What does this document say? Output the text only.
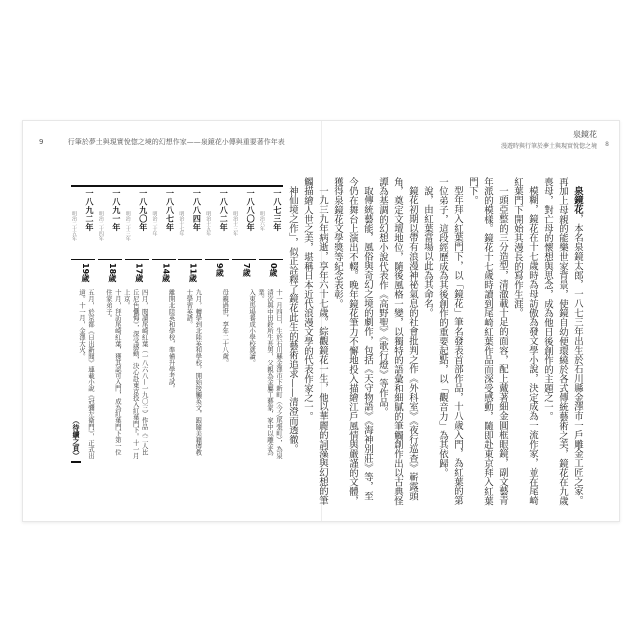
9	行筆於夢土與現實悅惚之境的幻想作家——泉鏡花小傳與重要著作年表
泉鏡花
漫遊時與行筆於夢土與現實悅惚之境 8
一八七三年
明治六年
0歲
十一月四日，生於石川縣金澤市下新町（今之尾張町），為泉清次與中田鈴所生長男，父親為金屬工藝家，家中以雕金為業。
一八八〇年
明治十三年
7歲
入東馬場養成小學校就讀。
一八八二年
明治十五年
9歲
母親過世，享年二十八歲。
一八八四年
明治十七年
11歲
九月，轉學到北陸英和學校，開始接觸英文，跟隨美籍傳教士學習英語。
一八八七年
明治二十年
14歲
離開北陸英和學校，準備升學考試。
一八九〇年
明治二十三年
17歲
四月，閱讀尾崎紅葉（一八六八—一九〇三）作品《二人比丘尼色懺悔》，深受感動，決心赴東京投入紅葉門下。十一月上京。
一八九一年
明治二十四年
18歲
十月，拜訪尾崎紅葉，獲其認可入門，成為紅葉門下第一位住家弟子。
一八九二年
明治二十五年
19歲
五月，於京都《日出新聞》連載小說《冠彌左衛門》，正式出道。十一月，金澤大火。
（待續之頁）

泉鏡花，本名泉鏡太郎，一八七三年出生於石川縣金澤市一戶雕金工匠之家。再加上母親的能樂世家背景，使鏡自幼便環繞於各式傳統藝術之美，鏡花在九歲喪母，對亡母的懷想與思念，成為他日後創作的主題之一。

模糊，鏡花在十七歲時為母訪傲為發文學小說，決定成為一流作家，並在尾崎紅葉門下開始其漫長的寫作生涯。

一頭亞整的三分造型，清澈載十足的面容，配上戴著細金圓框眼鏡，副文藝青年派的模樣。鏡花十七歲時讀到尾崎紅葉作品而深受感動，隨即赴東京拜入紅葉門下。

型年拜入紅葉門下，以「鏡花」筆名發表首部作品，十八歲入門，為紅葉的第一位弟子，這段經歷成為其後創作的重要起點，以「觀音力」為其依歸。

說，由紅葉當場以此為其命名。

鏡花初期以帶有浪漫神祕氣息的社會批判之作《外科室》《夜行巡查》嶄露頭角，奠定文壇地位，隨後風格一變，以獨特的語彙和細膩的筆觸創作出以古典怪譚為基調的幻想小說代表作《高野聖》《歌行燈》等作品。

取傳統藝能，風俗與奇幻之境的劇作，包括《天守物語》《海神別莊》等，至今仍在舞台上演出不輟。晚年鏡花筆力不懈地投入描繪江戶風情與嚴謹的文體，獲得泉鏡花文學獎等紀念表彰。

一九三九年病逝，享年六十七歲。綜觀鏡花一生，他以華麗的詞藻與幻想的筆觸描繪人世之美，堪稱日本近代浪漫文學的代表作家之一。

神仙境之作」，似正詮釋了鏡花此生的藝術追求——清澄而透徹。
